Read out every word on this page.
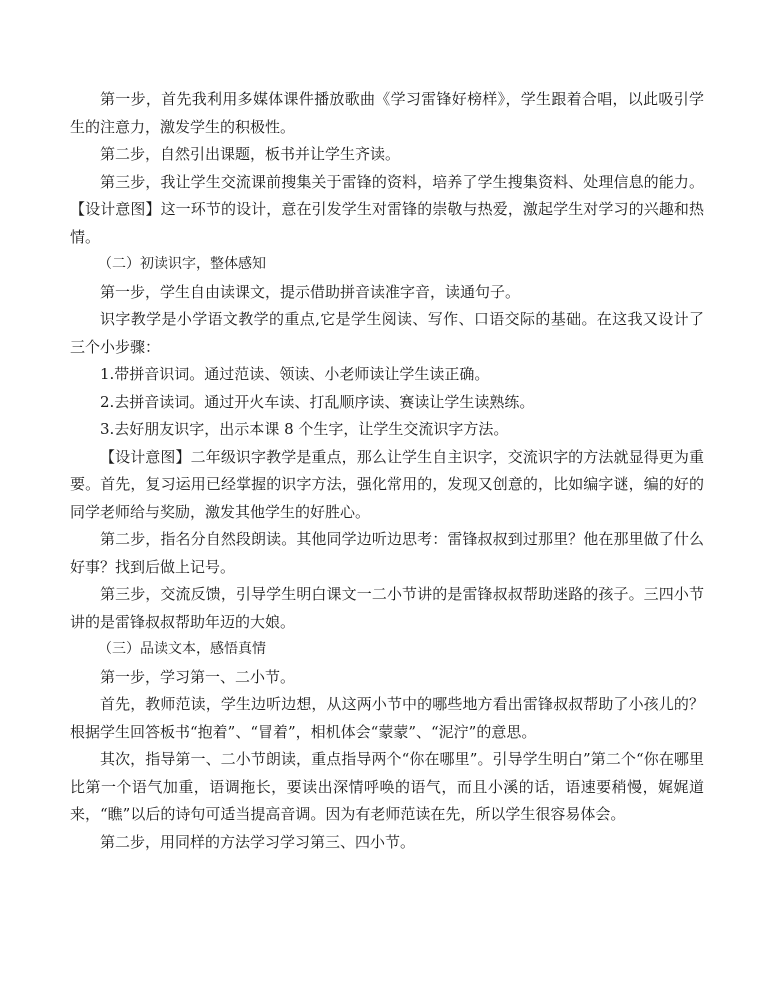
第一步，首先我利用多媒体课件播放歌曲《学习雷锋好榜样》，学生跟着合唱，以此吸引学生的注意力，激发学生的积极性。

第二步，自然引出课题，板书并让学生齐读。

第三步，我让学生交流课前搜集关于雷锋的资料，培养了学生搜集资料、处理信息的能力。 【设计意图】这一环节的设计，意在引发学生对雷锋的崇敬与热爱，激起学生对学习的兴趣和热情。

（二）初读识字，整体感知

第一步，学生自由读课文，提示借助拼音读准字音，读通句子。

识字教学是小学语文教学的重点,它是学生阅读、写作、口语交际的基础。在这我又设计了三个小步骤：

1.带拼音识词。通过范读、领读、小老师读让学生读正确。

2.去拼音读词。通过开火车读、打乱顺序读、赛读让学生读熟练。

3.去好朋友识字，出示本课 8 个生字，让学生交流识字方法。

【设计意图】二年级识字教学是重点，那么让学生自主识字，交流识字的方法就显得更为重要。首先，复习运用已经掌握的识字方法，强化常用的，发现又创意的，比如编字谜，编的好的同学老师给与奖励，激发其他学生的好胜心。

第二步，指名分自然段朗读。其他同学边听边思考：雷锋叔叔到过那里？他在那里做了什么好事？找到后做上记号。

第三步，交流反馈，引导学生明白课文一二小节讲的是雷锋叔叔帮助迷路的孩子。三四小节讲的是雷锋叔叔帮助年迈的大娘。

（三）品读文本，感悟真情

第一步，学习第一、二小节。

首先，教师范读，学生边听边想，从这两小节中的哪些地方看出雷锋叔叔帮助了小孩儿的？根据学生回答板书“抱着”、“冒着”，相机体会“蒙蒙”、“泥泞”的意思。

其次，指导第一、二小节朗读，重点指导两个“你在哪里”。引导学生明白”第二个“你在哪里比第一个语气加重，语调拖长，要读出深情呼唤的语气，而且小溪的话，语速要稍慢，娓娓道来，“瞧”以后的诗句可适当提高音调。因为有老师范读在先，所以学生很容易体会。

第二步，用同样的方法学习学习第三、四小节。
